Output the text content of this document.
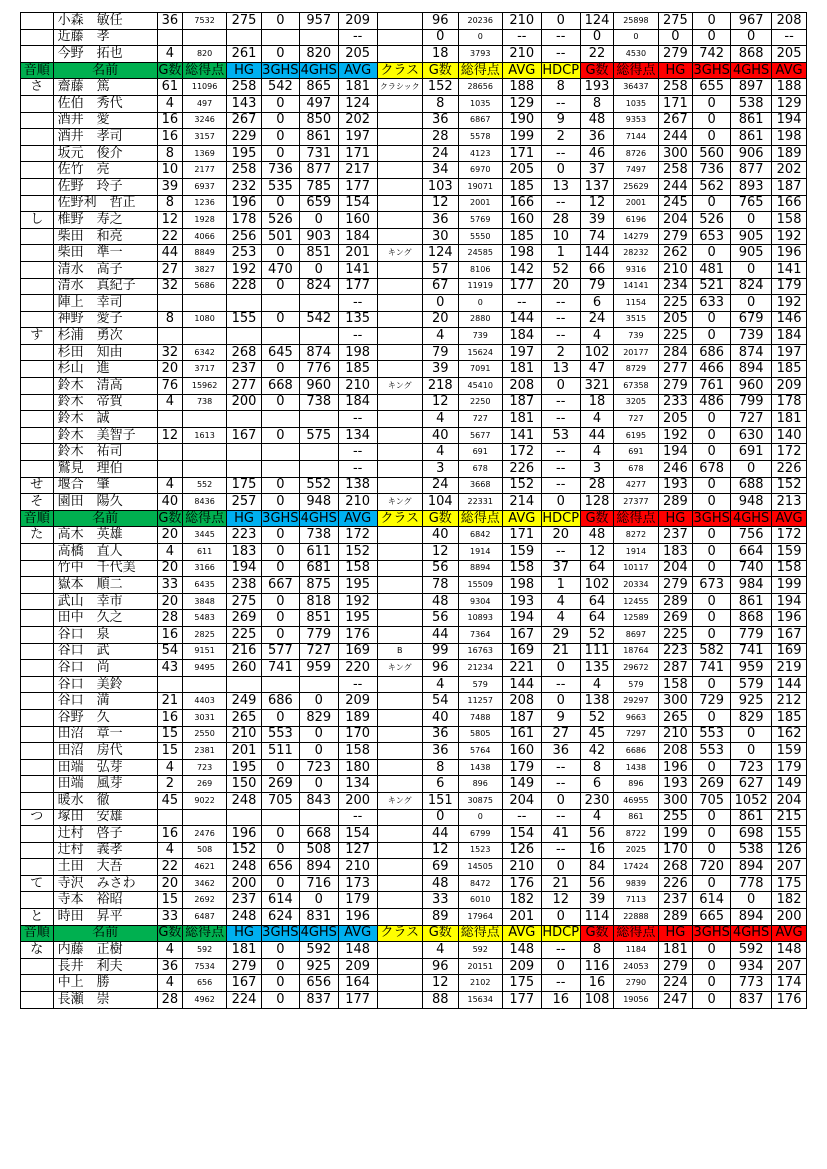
	小森　敏任	36	7532	275	0	957	209		96	20236	210	0	124	25898	275	0	967	208
	近藤　孝						--		0	0	--	--	0	0	0	0	0	--
	今野　拓也	4	820	261	0	820	205		18	3793	210	--	22	4530	279	742	868	205
音順	名前	G数	総得点	HG	3GHS	4GHS	AVG	クラス	G数	総得点	AVG	HDCP	G数	総得点	HG	3GHS	4GHS	AVG
さ	齋藤　篤	61	11096	258	542	865	181	クラシック	152	28656	188	8	193	36437	258	655	897	188
	佐伯　秀代	4	497	143	0	497	124		8	1035	129	--	8	1035	171	0	538	129
	酒井　愛	16	3246	267	0	850	202		36	6867	190	9	48	9353	267	0	861	194
	酒井　孝司	16	3157	229	0	861	197		28	5578	199	2	36	7144	244	0	861	198
	坂元　俊介	8	1369	195	0	731	171		24	4123	171	--	46	8726	300	560	906	189
	佐竹　亮	10	2177	258	736	877	217		34	6970	205	0	37	7497	258	736	877	202
	佐野　玲子	39	6937	232	535	785	177		103	19071	185	13	137	25629	244	562	893	187
	佐野利　哲正	8	1236	196	0	659	154		12	2001	166	--	12	2001	245	0	765	166
し	椎野　寿之	12	1928	178	526	0	160		36	5769	160	28	39	6196	204	526	0	158
	柴田　和亮	22	4066	256	501	903	184		30	5550	185	10	74	14279	279	653	905	192
	柴田　準一	44	8849	253	0	851	201	キング	124	24585	198	1	144	28232	262	0	905	196
	清水　高子	27	3827	192	470	0	141		57	8106	142	52	66	9316	210	481	0	141
	清水　真紀子	32	5686	228	0	824	177		67	11919	177	20	79	14141	234	521	824	179
	陣上　幸司						--		0	0	--	--	6	1154	225	633	0	192
	神野　愛子	8	1080	155	0	542	135		20	2880	144	--	24	3515	205	0	679	146
す	杉浦　勇次						--		4	739	184	--	4	739	225	0	739	184
	杉田　知由	32	6342	268	645	874	198		79	15624	197	2	102	20177	284	686	874	197
	杉山　進	20	3717	237	0	776	185		39	7091	181	13	47	8729	277	466	894	185
	鈴木　清高	76	15962	277	668	960	210	キング	218	45410	208	0	321	67358	279	761	960	209
	鈴木　帝賀	4	738	200	0	738	184		12	2250	187	--	18	3205	233	486	799	178
	鈴木　誠						--		4	727	181	--	4	727	205	0	727	181
	鈴木　美智子	12	1613	167	0	575	134		40	5677	141	53	44	6195	192	0	630	140
	鈴木　祐司						--		4	691	172	--	4	691	194	0	691	172
	鷲見　理伯						--		3	678	226	--	3	678	246	678	0	226
せ	堰合　肇	4	552	175	0	552	138		24	3668	152	--	28	4277	193	0	688	152
そ	園田　陽久	40	8436	257	0	948	210	キング	104	22331	214	0	128	27377	289	0	948	213
音順	名前	G数	総得点	HG	3GHS	4GHS	AVG	クラス	G数	総得点	AVG	HDCP	G数	総得点	HG	3GHS	4GHS	AVG
た	高木　英雄	20	3445	223	0	738	172		40	6842	171	20	48	8272	237	0	756	172
	高橋　直人	4	611	183	0	611	152		12	1914	159	--	12	1914	183	0	664	159
	竹中　千代美	20	3166	194	0	681	158		56	8894	158	37	64	10117	204	0	740	158
	嶽本　順二	33	6435	238	667	875	195		78	15509	198	1	102	20334	279	673	984	199
	武山　幸市	20	3848	275	0	818	192		48	9304	193	4	64	12455	289	0	861	194
	田中　久之	28	5483	269	0	851	195		56	10893	194	4	64	12589	269	0	868	196
	谷口　泉	16	2825	225	0	779	176		44	7364	167	29	52	8697	225	0	779	167
	谷口　武	54	9151	216	577	727	169	B	99	16763	169	21	111	18764	223	582	741	169
	谷口　尚	43	9495	260	741	959	220	キング	96	21234	221	0	135	29672	287	741	959	219
	谷口　美鈴						--		4	579	144	--	4	579	158	0	579	144
	谷口　満	21	4403	249	686	0	209		54	11257	208	0	138	29297	300	729	925	212
	谷野　久	16	3031	265	0	829	189		40	7488	187	9	52	9663	265	0	829	185
	田沼　章一	15	2550	210	553	0	170		36	5805	161	27	45	7297	210	553	0	162
	田沼　房代	15	2381	201	511	0	158		36	5764	160	36	42	6686	208	553	0	159
	田端　弘芽	4	723	195	0	723	180		8	1438	179	--	8	1438	196	0	723	179
	田端　風芽	2	269	150	269	0	134		6	896	149	--	6	896	193	269	627	149
	暖水　徹	45	9022	248	705	843	200	キング	151	30875	204	0	230	46955	300	705	1052	204
つ	塚田　安雄						--		0	0	--	--	4	861	255	0	861	215
	辻村　啓子	16	2476	196	0	668	154		44	6799	154	41	56	8722	199	0	698	155
	辻村　義孝	4	508	152	0	508	127		12	1523	126	--	16	2025	170	0	538	126
	土田　大吾	22	4621	248	656	894	210		69	14505	210	0	84	17424	268	720	894	207
て	寺沢　みさわ	20	3462	200	0	716	173		48	8472	176	21	56	9839	226	0	778	175
	寺本　裕昭	15	2692	237	614	0	179		33	6010	182	12	39	7113	237	614	0	182
と	時田　昇平	33	6487	248	624	831	196		89	17964	201	0	114	22888	289	665	894	200
音順	名前	G数	総得点	HG	3GHS	4GHS	AVG	クラス	G数	総得点	AVG	HDCP	G数	総得点	HG	3GHS	4GHS	AVG
な	内藤　正樹	4	592	181	0	592	148		4	592	148	--	8	1184	181	0	592	148
	長井　利夫	36	7534	279	0	925	209		96	20151	209	0	116	24053	279	0	934	207
	中上　勝	4	656	167	0	656	164		12	2102	175	--	16	2790	224	0	773	174
	長瀬　崇	28	4962	224	0	837	177		88	15634	177	16	108	19056	247	0	837	176
